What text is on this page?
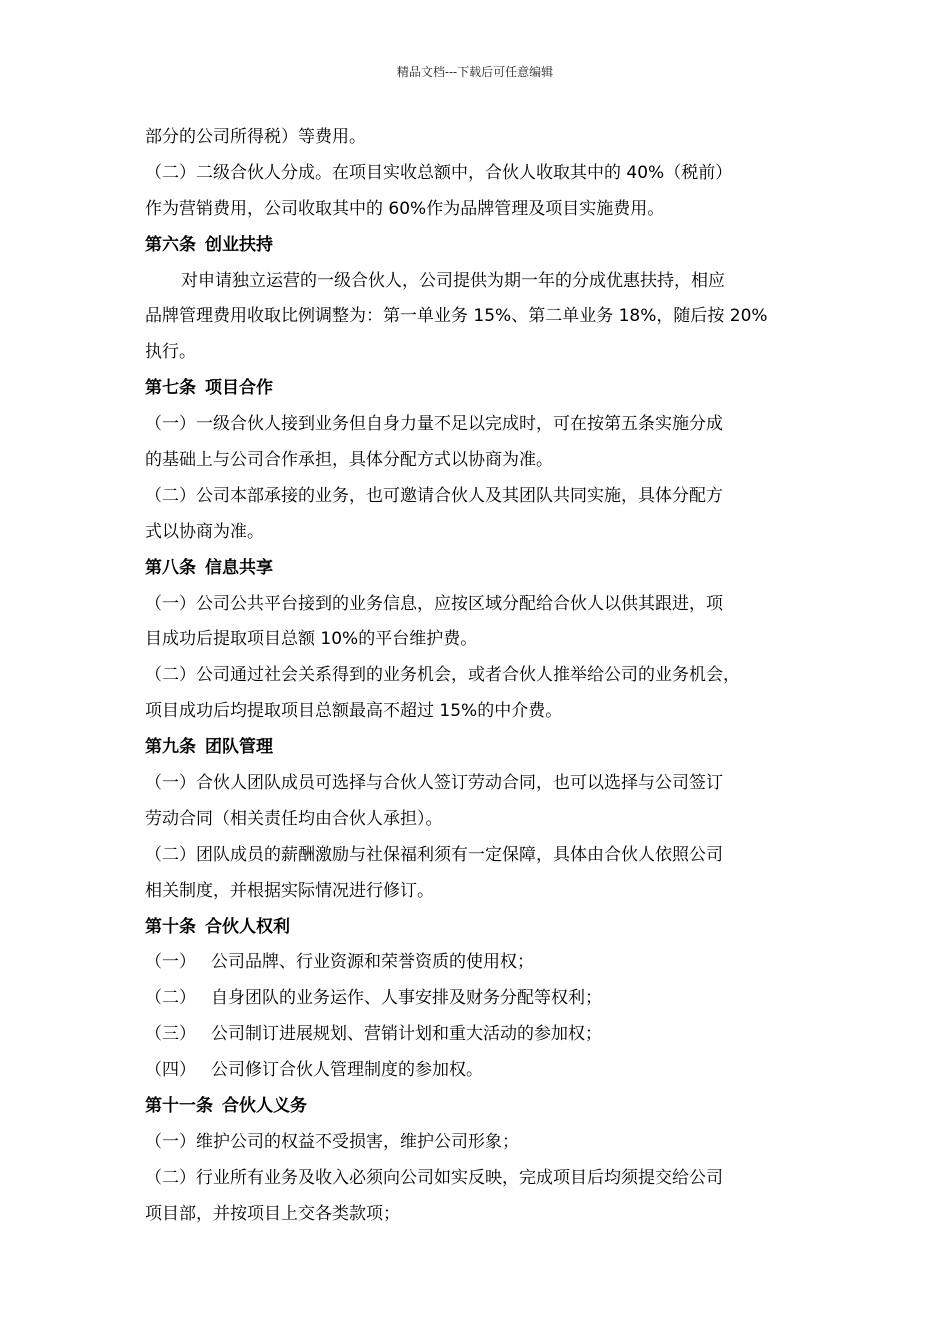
精品文档---下载后可任意编辑
部分的公司所得税）等费用。
（二）二级合伙人分成。在项目实收总额中，合伙人收取其中的 40%（税前）
作为营销费用，公司收取其中的 60%作为品牌管理及项目实施费用。
第六条 创业扶持
对申请独立运营的一级合伙人，公司提供为期一年的分成优惠扶持，相应
品牌管理费用收取比例调整为：第一单业务 15%、第二单业务 18%，随后按 20%
执行。
第七条 项目合作
（一）一级合伙人接到业务但自身力量不足以完成时，可在按第五条实施分成
的基础上与公司合作承担，具体分配方式以协商为准。
（二）公司本部承接的业务，也可邀请合伙人及其团队共同实施，具体分配方
式以协商为准。
第八条 信息共享
（一）公司公共平台接到的业务信息，应按区域分配给合伙人以供其跟进，项
目成功后提取项目总额 10%的平台维护费。
（二）公司通过社会关系得到的业务机会，或者合伙人推举给公司的业务机会，
项目成功后均提取项目总额最高不超过 15%的中介费。
第九条 团队管理
（一）合伙人团队成员可选择与合伙人签订劳动合同，也可以选择与公司签订
劳动合同（相关责任均由合伙人承担）。
（二）团队成员的薪酬激励与社保福利须有一定保障，具体由合伙人依照公司
相关制度，并根据实际情况进行修订。
第十条 合伙人权利
（一） 公司品牌、行业资源和荣誉资质的使用权；
（二） 自身团队的业务运作、人事安排及财务分配等权利；
（三） 公司制订进展规划、营销计划和重大活动的参加权；
（四） 公司修订合伙人管理制度的参加权。
第十一条 合伙人义务
（一）维护公司的权益不受损害，维护公司形象；
（二）行业所有业务及收入必须向公司如实反映，完成项目后均须提交给公司
项目部，并按项目上交各类款项；
